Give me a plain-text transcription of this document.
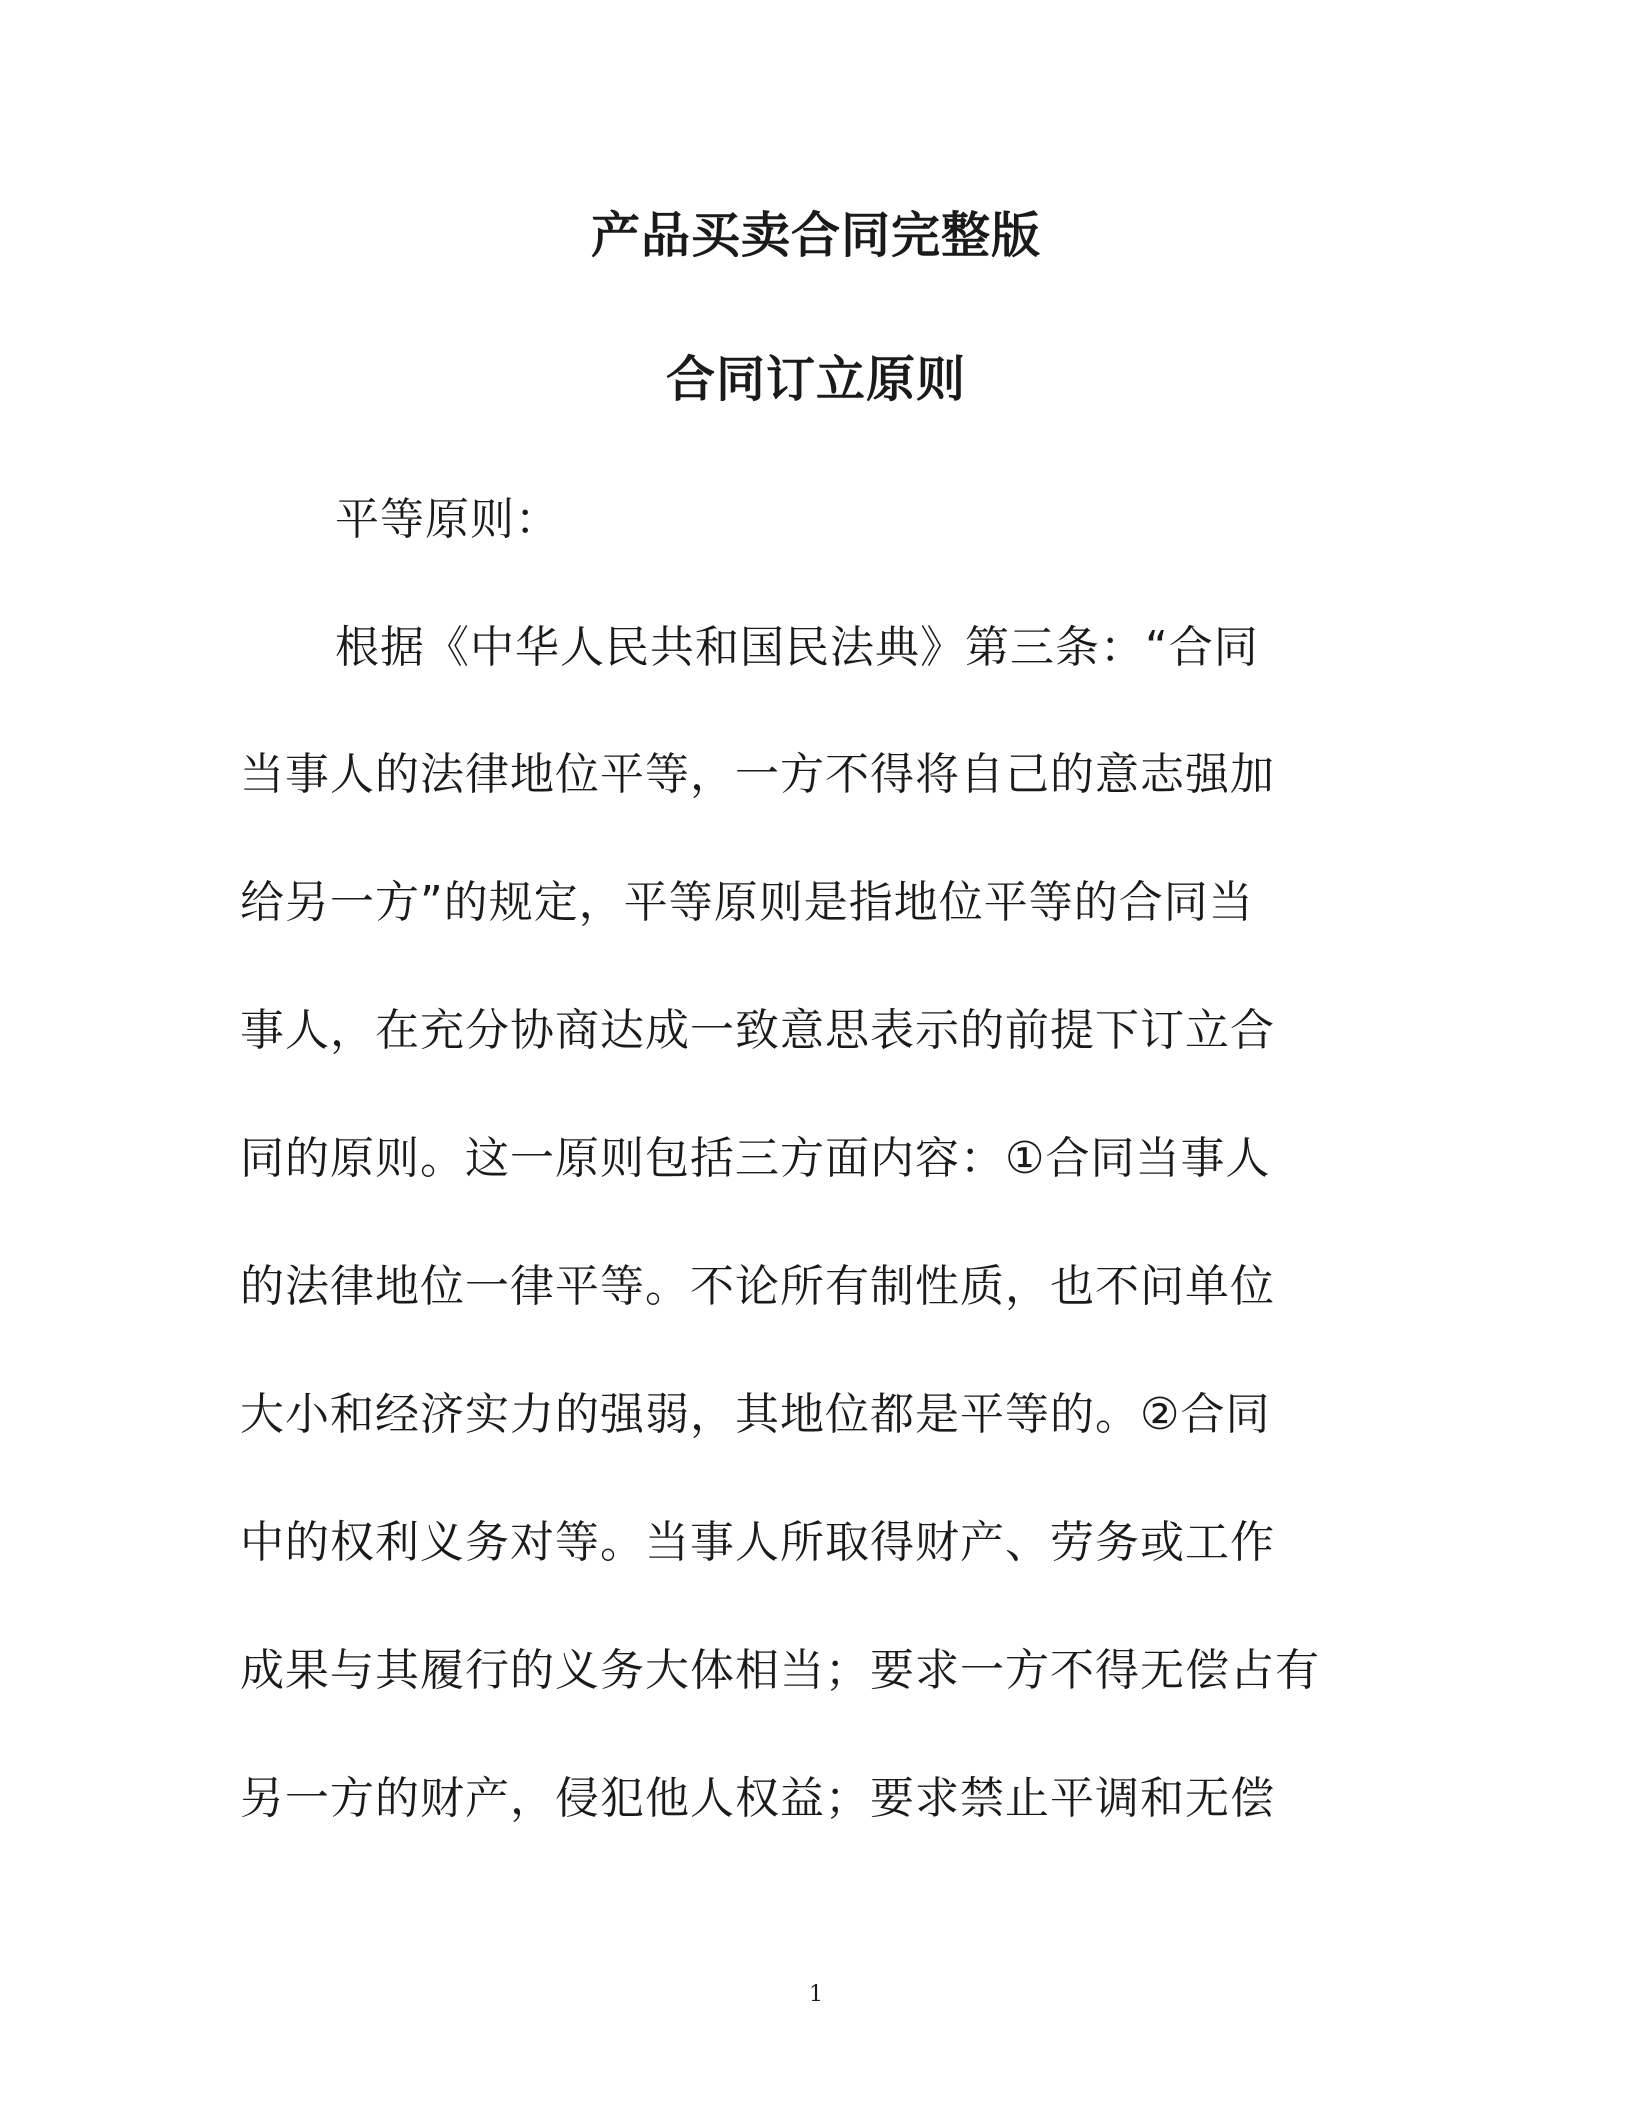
产品买卖合同完整版
合同订立原则

平等原则：

根据《中华人民共和国民法典》第三条：“合同

当事人的法律地位平等，一方不得将自己的意志强加

给另一方”的规定，平等原则是指地位平等的合同当

事人，在充分协商达成一致意思表示的前提下订立合

同的原则。这一原则包括三方面内容：①合同当事人

的法律地位一律平等。不论所有制性质，也不问单位

大小和经济实力的强弱，其地位都是平等的。②合同

中的权利义务对等。当事人所取得财产、劳务或工作

成果与其履行的义务大体相当；要求一方不得无偿占有

另一方的财产，侵犯他人权益；要求禁止平调和无偿

1
